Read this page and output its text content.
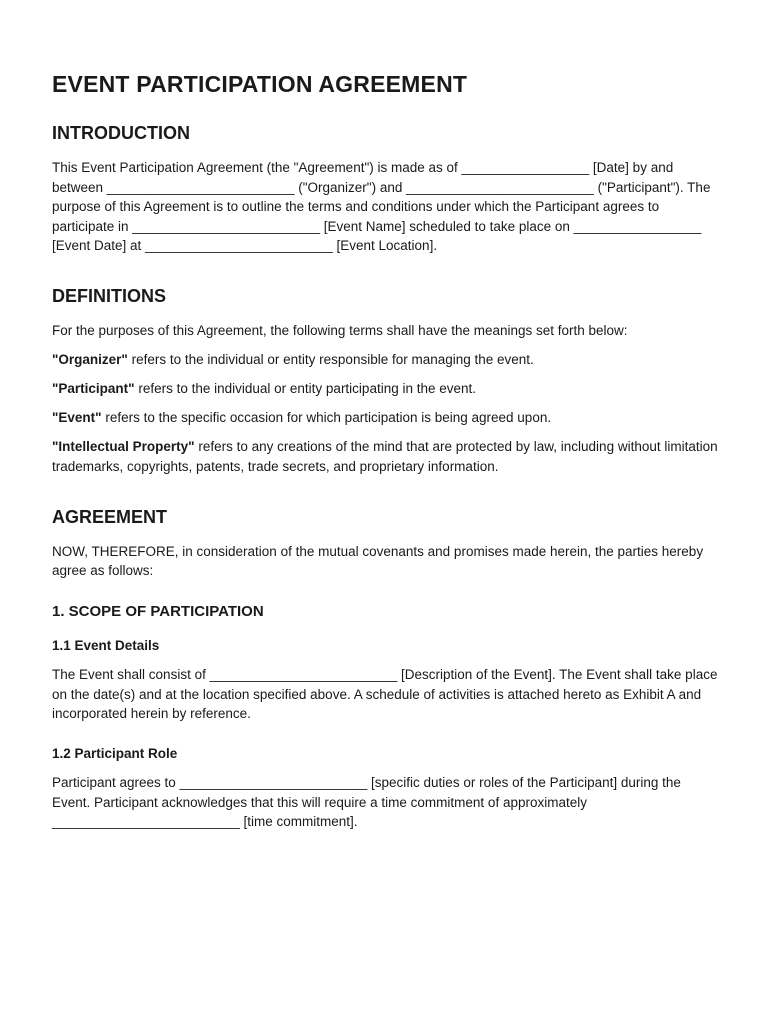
EVENT PARTICIPATION AGREEMENT
INTRODUCTION

This Event Participation Agreement (the "Agreement") is made as of _________________ [Date] by and between _________________________ ("Organizer") and _________________________ ("Participant"). The purpose of this Agreement is to outline the terms and conditions under which the Participant agrees to participate in _________________________ [Event Name] scheduled to take place on _________________ [Event Date] at _________________________ [Event Location].

DEFINITIONS

For the purposes of this Agreement, the following terms shall have the meanings set forth below:

"Organizer" refers to the individual or entity responsible for managing the event.

"Participant" refers to the individual or entity participating in the event.

"Event" refers to the specific occasion for which participation is being agreed upon.

"Intellectual Property" refers to any creations of the mind that are protected by law, including without limitation trademarks, copyrights, patents, trade secrets, and proprietary information.

AGREEMENT

NOW, THEREFORE, in consideration of the mutual covenants and promises made herein, the parties hereby agree as follows:

1. SCOPE OF PARTICIPATION
1.1 Event Details

The Event shall consist of _________________________ [Description of the Event]. The Event shall take place on the date(s) and at the location specified above. A schedule of activities is attached hereto as Exhibit A and incorporated herein by reference.

1.2 Participant Role

Participant agrees to _________________________ [specific duties or roles of the Participant] during the Event. Participant acknowledges that this will require a time commitment of approximately _________________________ [time commitment].
